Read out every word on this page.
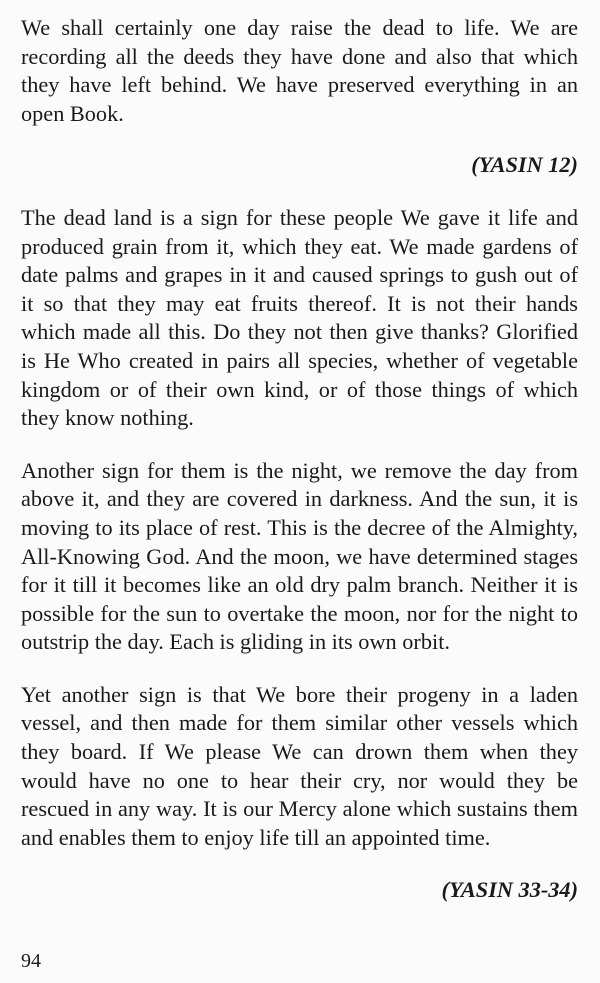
We shall certainly one day raise the dead to life. We are recording all the deeds they have done and also that which they have left behind. We have preserved everything in an open Book.

(YASIN 12)

The dead land is a sign for these people We gave it life and produced grain from it, which they eat. We made gardens of date palms and grapes in it and caused springs to gush out of it so that they may eat fruits thereof. It is not their hands which made all this. Do they not then give thanks? Glorified is He Who created in pairs all species, whether of vegetable kingdom or of their own kind, or of those things of which they know nothing.

Another sign for them is the night, we remove the day from above it, and they are covered in darkness. And the sun, it is moving to its place of rest. This is the decree of the Almighty, All-Knowing God. And the moon, we have determined stages for it till it becomes like an old dry palm branch. Neither it is possible for the sun to overtake the moon, nor for the night to outstrip the day. Each is gliding in its own orbit.

Yet another sign is that We bore their progeny in a laden vessel, and then made for them similar other vessels which they board. If We please We can drown them when they would have no one to hear their cry, nor would they be rescued in any way. It is our Mercy alone which sustains them and enables them to enjoy life till an appointed time.

(YASIN 33-34)

94
